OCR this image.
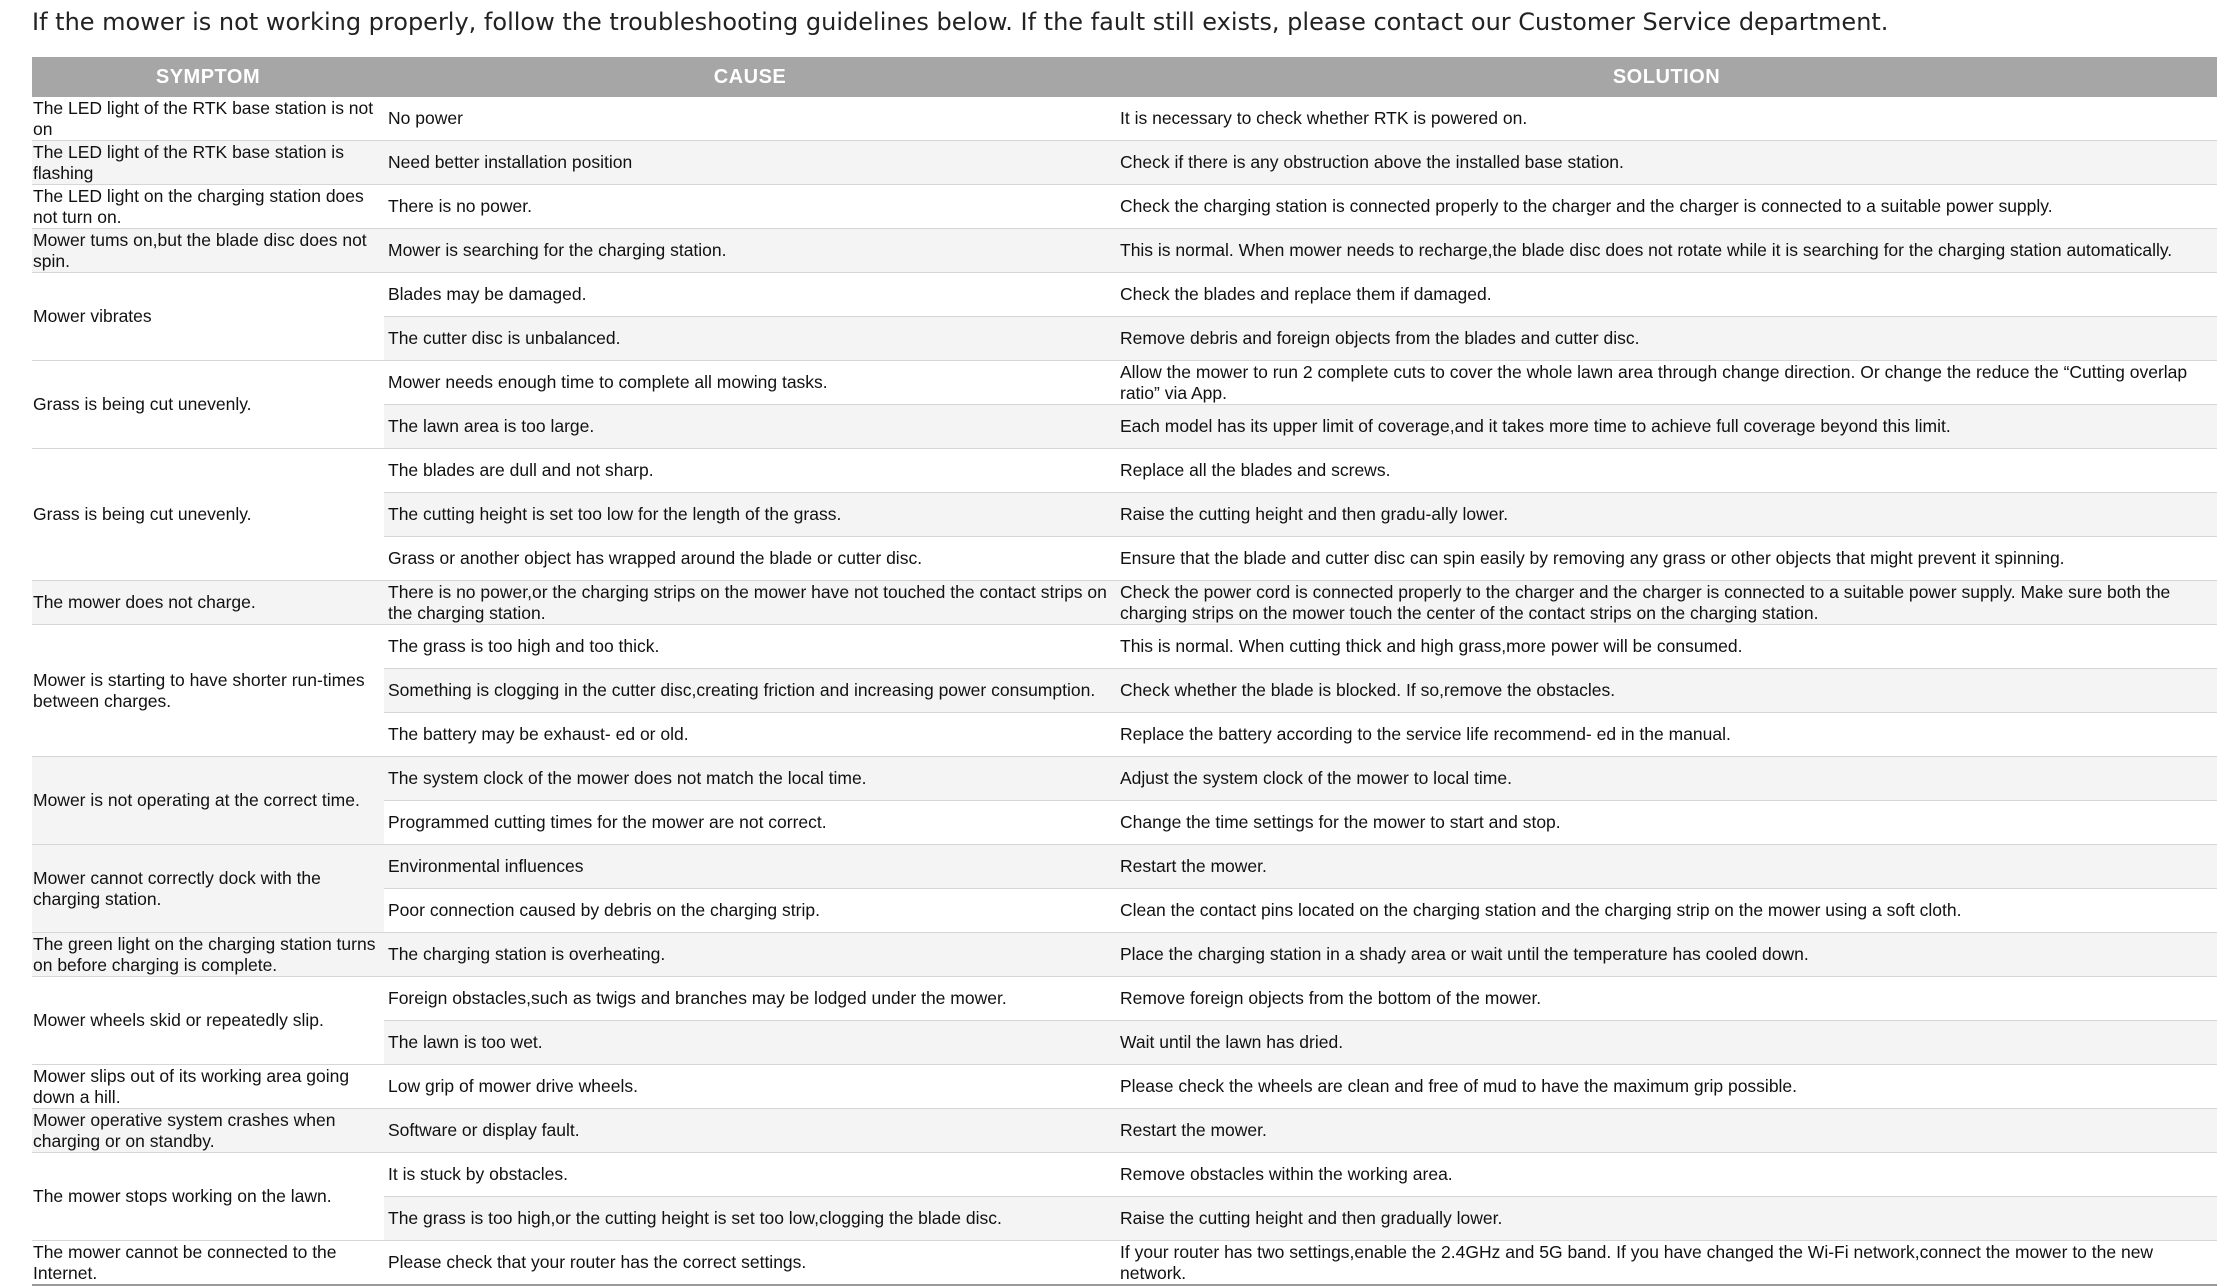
If the mower is not working properly, follow the troubleshooting guidelines below. If the fault still exists, please contact our Customer Service department.
SYMPTOM	CAUSE	SOLUTION
The LED light of the RTK base station is not on	No power	It is necessary to check whether RTK is powered on.
The LED light of the RTK base station is flashing	Need better installation position	Check if there is any obstruction above the installed base station.
The LED light on the charging station does not turn on.	There is no power.	Check the charging station is connected properly to the charger and the charger is connected to a suitable power supply.
Mower tums on,but the blade disc does not spin.	Mower is searching for the charging station.	This is normal. When mower needs to recharge,the blade disc does not rotate while it is searching for the charging station automatically.
Mower vibrates	Blades may be damaged.	Check the blades and replace them if damaged.
	The cutter disc is unbalanced.	Remove debris and foreign objects from the blades and cutter disc.
Grass is being cut unevenly.	Mower needs enough time to complete all mowing tasks.	Allow the mower to run 2 complete cuts to cover the whole lawn area through change direction. Or change the reduce the “Cutting overlap ratio” via App.
	The lawn area is too large.	Each model has its upper limit of coverage,and it takes more time to achieve full coverage beyond this limit.
Grass is being cut unevenly.	The blades are dull and not sharp.	Replace all the blades and screws.
	The cutting height is set too low for the length of the grass.	Raise the cutting height and then gradu-ally lower.
	Grass or another object has wrapped around the blade or cutter disc.	Ensure that the blade and cutter disc can spin easily by removing any grass or other objects that might prevent it spinning.
The mower does not charge.	There is no power,or the charging strips on the mower have not touched the contact strips on the charging station.	Check the power cord is connected properly to the charger and the charger is connected to a suitable power supply. Make sure both the charging strips on the mower touch the center of the contact strips on the charging station.
Mower is starting to have shorter run-times between charges.	The grass is too high and too thick.	This is normal. When cutting thick and high grass,more power will be consumed.
	Something is clogging in the cutter disc,creating friction and increasing power consumption.	Check whether the blade is blocked. If so,remove the obstacles.
	The battery may be exhaust- ed or old.	Replace the battery according to the service life recommend- ed in the manual.
Mower is not operating at the correct time.	The system clock of the mower does not match the local time.	Adjust the system clock of the mower to local time.
	Programmed cutting times for the mower are not correct.	Change the time settings for the mower to start and stop.
Mower cannot correctly dock with the charging station.	Environmental influences	Restart the mower.
	Poor connection caused by debris on the charging strip.	Clean the contact pins located on the charging station and the charging strip on the mower using a soft cloth.
The green light on the charging station turns on before charging is complete.	The charging station is overheating.	Place the charging station in a shady area or wait until the temperature has cooled down.
Mower wheels skid or repeatedly slip.	Foreign obstacles,such as twigs and branches may be lodged under the mower.	Remove foreign objects from the bottom of the mower.
	The lawn is too wet.	Wait until the lawn has dried.
Mower slips out of its working area going down a hill.	Low grip of mower drive wheels.	Please check the wheels are clean and free of mud to have the maximum grip possible.
Mower operative system crashes when charging or on standby.	Software or display fault.	Restart the mower.
The mower stops working on the lawn.	It is stuck by obstacles.	Remove obstacles within the working area.
	The grass is too high,or the cutting height is set too low,clogging the blade disc.	Raise the cutting height and then gradually lower.
The mower cannot be connected to the Internet.	Please check that your router has the correct settings.	If your router has two settings,enable the 2.4GHz and 5G band. If you have changed the Wi-Fi network,connect the mower to the new network.
